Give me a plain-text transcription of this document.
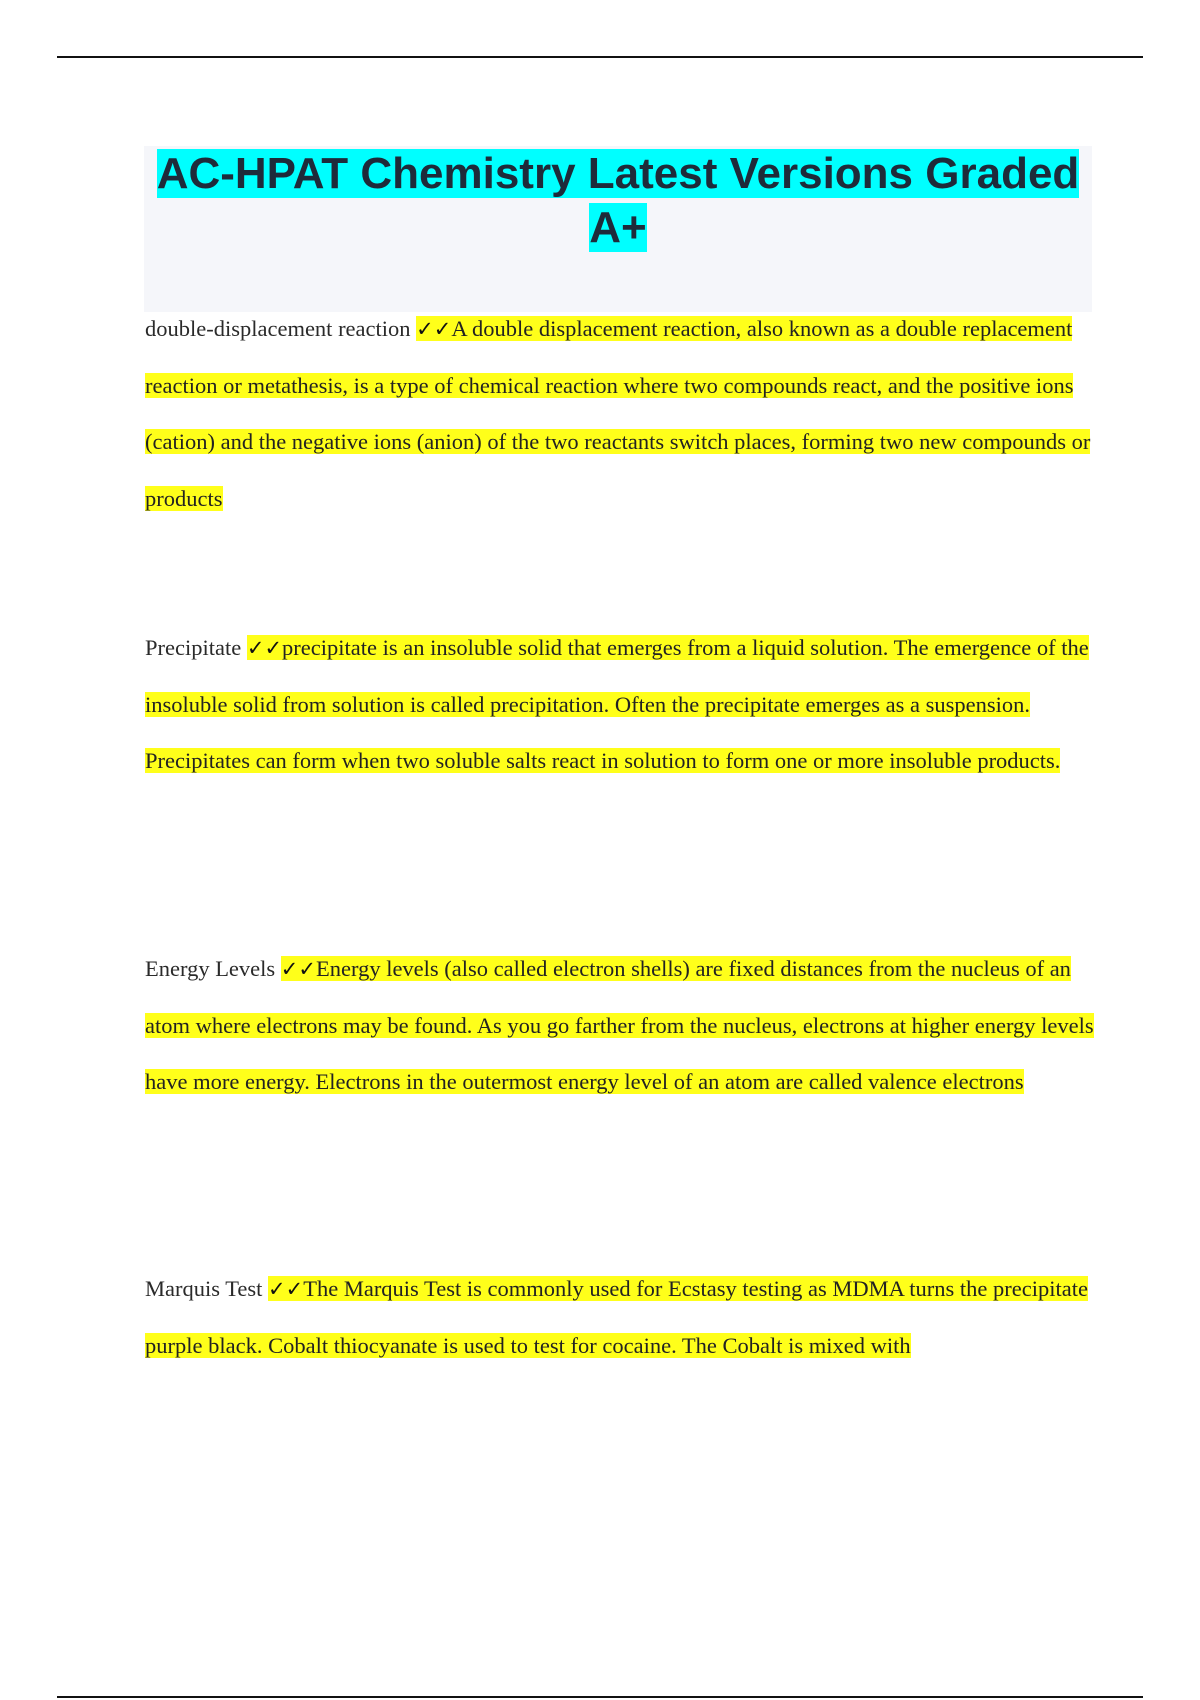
AC-HPAT Chemistry Latest Versions Graded A+
double-displacement reaction ✓✓A double displacement reaction, also known as a double replacement reaction or metathesis, is a type of chemical reaction where two compounds react, and the positive ions (cation) and the negative ions (anion) of the two reactants switch places, forming two new compounds or products
Precipitate ✓✓precipitate is an insoluble solid that emerges from a liquid solution. The emergence of the insoluble solid from solution is called precipitation. Often the precipitate emerges as a suspension. Precipitates can form when two soluble salts react in solution to form one or more insoluble products.
Energy Levels ✓✓Energy levels (also called electron shells) are fixed distances from the nucleus of an atom where electrons may be found. As you go farther from the nucleus, electrons at higher energy levels have more energy. Electrons in the outermost energy level of an atom are called valence electrons
Marquis Test ✓✓The Marquis Test is commonly used for Ecstasy testing as MDMA turns the precipitate purple black. Cobalt thiocyanate is used to test for cocaine. The Cobalt is mixed with
